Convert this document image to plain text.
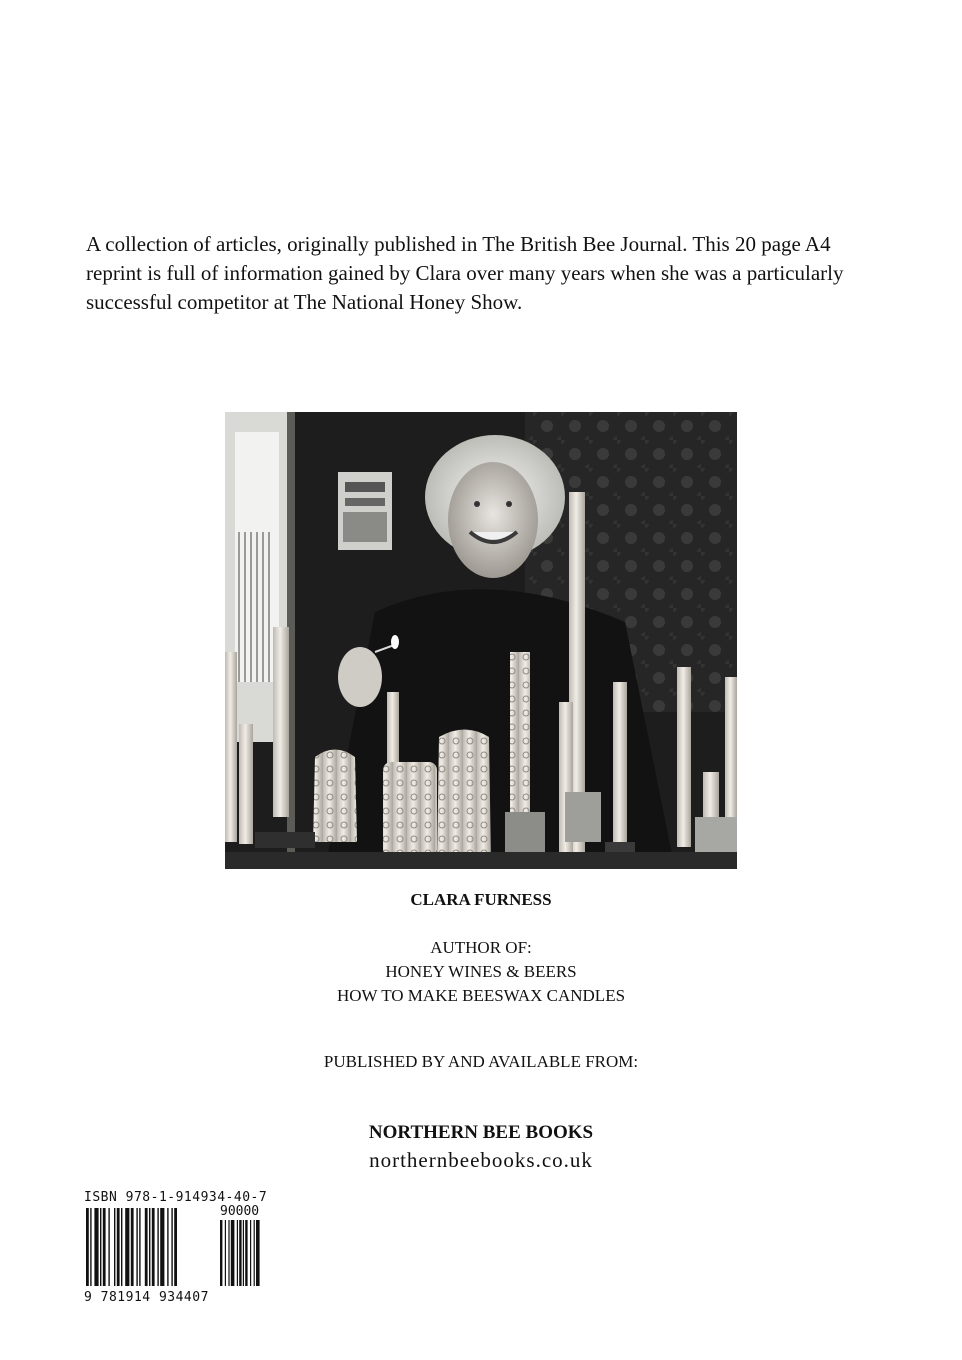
A collection of articles, originally published in The British Bee Journal. This 20 page A4 reprint is full of information gained by Clara over many years when she was a particularly successful competitor at The National Honey Show.

CLARA FURNESS
AUTHOR OF:
HONEY WINES & BEERS
HOW TO MAKE BEESWAX CANDLES
PUBLISHED BY AND AVAILABLE FROM:
NORTHERN BEE BOOKS
northernbeebooks.co.uk
ISBN 978-1-914934-40-7
90000
9 781914 934407
